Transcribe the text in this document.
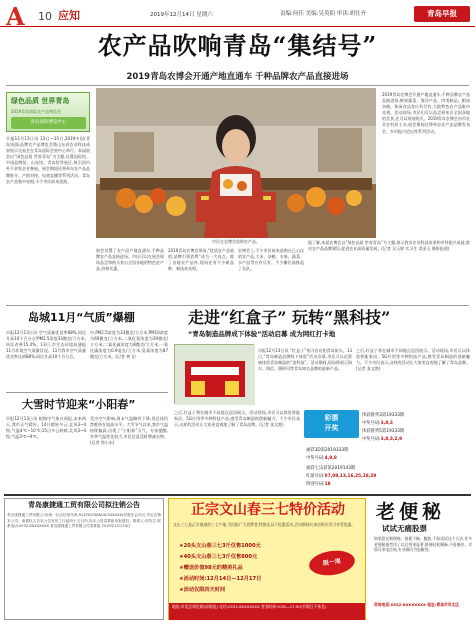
A 10 应知	2019年12月14日 星期六	责编:何佳 美编:吴英阳 审读:胡仕齐	青岛早报
农产品吹响青岛“集结号”
2019青岛农博会开通产地直通车 千种品牌农产品直接进场
绿色品质 世界青岛
2019青岛国际农产品博览会
青岛国际博览中心
早报12月13日讯 13日—15日,2019中国(青岛)国际品牌农产品博览会暨山东省农业科技成果展示交易会在青岛国际会展中心举行。本届展会以“绿色品质 世界青岛”为主题,设置国际馆、中国品牌馆、山东馆、青岛馆等展区,吸引国内外千余家企业参展。展会期间还将举办农产品品牌推介、产销对接、电商直播等系列活动。青岛农产品集中亮相,不少市民前来选购。
市民在农博会选购农产品。
展会设置了农产品产地直通车,千种品牌农产品直接进场。市民可以在展会现场品尝和购买来自全国各地的特色农产品,价格实惠。
2019青岛农博会现场,“优质农产品展销,品牌引领消费”成为一大亮点。除了各地农产品外,现场还有不少新品种、新技术亮相。
农博会上,不少市民前来选购自己心仪的农产品,大米、杂粮、水果、蔬菜、水产品等应有尽有。不少摊位前排起了长队。
2019青岛农博会开通产地直通车,千种品牌农产品直接进场,鲜果蔬菜、海洋产品、肉类制品、粮油杂粮、休闲食品等应有尽有,大批特色农产品集中亮相。活动现场,市民们可以品尝到来自全国各地的美食,还可以现场购买。2019青岛农博会由市农业农村局主办,展会期间还将举办农产品品牌发布会、乡村振兴论坛等系列活动。
据了解,本届农博会以“绿色品质 世界青岛”为主题,展示我市农业科技成果和乡村振兴成就,推动农产品品牌建设,促进农业高质量发展。(记者 吴玉婷 实习生 姜金玉 摄影报道)
岛城11月“气质”爆棚
早报12月13日讯 空气质量优良率88%,同比升高10个百分点!PM2.5浓度33微克/立方米,同比改善15.4%。13日,市生态环境局通报11月环境空气质量状况。11月我市空气质量优良率达到88%,同比升高10个百分点。
中,PM2.5浓度为33微克/立方米,PM10浓度为60微克/立方米,二氧化氮浓度为29微克/立方米,二氧化硫浓度为8微克/立方米,一氧化碳浓度为0.9毫克/立方米,臭氧浓度为87微克/立方米。(记者 黄飞)
大雪时节迎来“小阳春”
早报12月13日讯 根据中气象台预报,未来两天,我市天气晴好。14日晴转多云,北风3~4级,气温4℃~10℃;15日多云转晴,北风3~4级,气温3℃~9℃。
受冷空气影响,周末气温略有下降,但总体仍然维持在较高水平。大雪节气以来,我市气温持续偏高,出现了“小阳春”天气。专家提醒,冬季气温变化较大,市民注意适时增减衣物。(记者 徐小东)
走进“红盒子” 玩转“黑科技”
“青岛制造品牌成下体验”活动启幕 成为网红打卡地
早报12月13日讯 “红盒子”快闪店亮相青岛街头。13日,“青岛制造品牌线下体验”活动启幕,市民可以近距离体验青岛制造的“黑科技”。活动期间,现场将展示海尔、海信、澳柯玛等青岛知名品牌的最新产品。
之后,红盒子将在城市不同地点巡回展示。活动现场,市民可以体验智能家居、5G应用等多种科技产品,感受青岛制造的创新魅力。不少市民表示,这样的活动让大家更直观地了解了青岛品牌。(记者 张文艳)
之后,红盒子将在城市不同地点巡回展示。活动现场,市民可以体验智能家居、5G应用等多种科技产品,感受青岛制造的创新魅力。不少市民表示,这样的活动让大家更直观地了解了青岛品牌。(记者 张文艳)
彩票
开奖
体彩排列3第19333期
中奖号码:3,8,3
体彩排列5第19333期
中奖号码:3,8,3,2,9
福彩3D第2019333期
中奖号码:4,9,8
福彩七乐彩第2019143期
红球号码:07,09,13,16,25,28,29
特别号码:18
青岛康捷通工贸有限公司拟注销公告
青岛康捷通工贸有限公司(统一社会信用代码:91370200MA3C5XXXXX)经股东会决议,决定注销本公司。请债权人自本公告发布之日起四十五日内,向本公司清算组申报债权。联系人:刘先生 联系电话:0532-8XXXXXXX 青岛康捷通工贸有限公司清算组 2019年12月14日
正宗文山春三七特价活动
文山三七是正宗地道的三七产地,为回报广大消费者,特推出以下优惠活动,活动期间凡来店购买均可享受优惠。
★20头文山春三七3斤仅售1000元
★40头文山春三七3斤仅售800元
★赠送价值98元的精美礼品
★活动时间:12月14日—12月17日
★活动仅限四天时间
限一周
地址:市北区敦化路(原地址) 电话:0532-8XXXXXXX 营业时间:9:00—17:00(节假日不休息)
老便秘
试试无痛股票
如果您长期便秘、排便不畅、腹胀,不妨试试这个方法,许多老便秘患者用了以后效果显著,排便轻松顺畅,不再痛苦。详情可来电咨询,专业顾问为您解答。
咨询电话:0532-8XXXXXXX 地址:青岛市市北区
